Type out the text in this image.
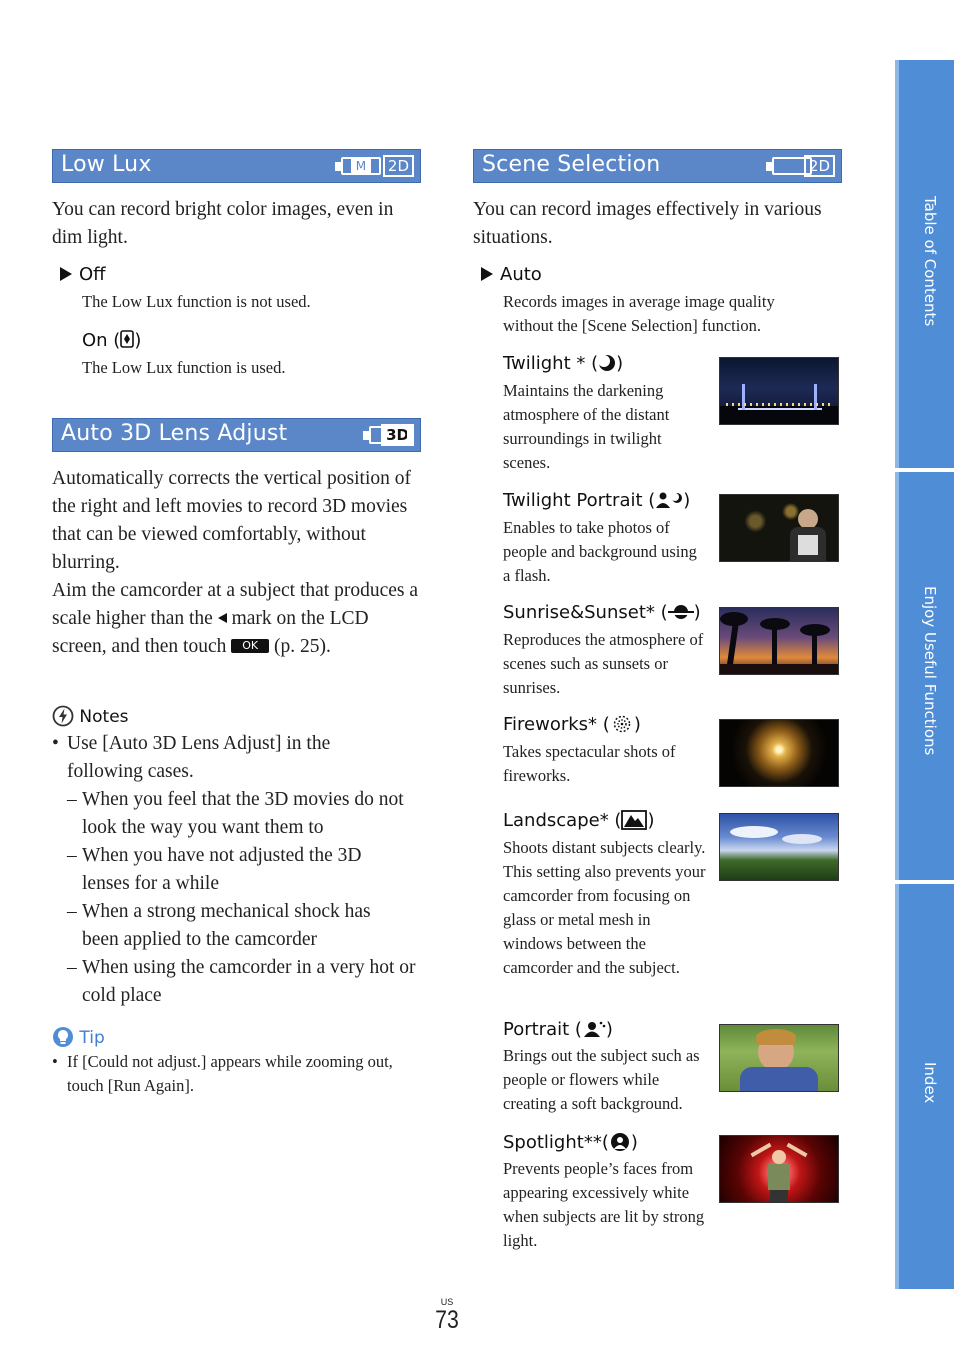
Table of Contents
Enjoy Useful Functions
Index
Low Lux	M	2D
You can record bright color images, even in dim light.
Off
The Low Lux function is not used.
On ( )
The Low Lux function is used.
Auto 3D Lens Adjust	3D
Automatically corrects the vertical position of the right and left movies to record 3D movies that can be viewed comfortably, without blurring.
Aim the camcorder at a subject that produces a scale higher than the mark on the LCD screen, and then touch OK (p. 25).
Notes
• Use [Auto 3D Lens Adjust] in the following cases.
– When you feel that the 3D movies do not look the way you want them to
– When you have not adjusted the 3D lenses for a while
– When a strong mechanical shock has been applied to the camcorder
– When using the camcorder in a very hot or cold place
Tip
• If [Could not adjust.] appears while zooming out, touch [Run Again].
Scene Selection	2D
You can record images effectively in various situations.
Auto
Records images in average image quality without the [Scene Selection] function.
Twilight * ( )
Maintains the darkening atmosphere of the distant surroundings in twilight scenes.
Twilight Portrait ( )
Enables to take photos of people and background using a flash.
Sunrise&Sunset* ( )
Reproduces the atmosphere of scenes such as sunsets or sunrises.
Fireworks* ( )
Takes spectacular shots of fireworks.
Landscape* ( )
Shoots distant subjects clearly. This setting also prevents your camcorder from focusing on glass or metal mesh in windows between the camcorder and the subject.
Portrait ( )
Brings out the subject such as people or flowers while creating a soft background.
Spotlight**( )
Prevents people’s faces from appearing excessively white when subjects are lit by strong light.
US
73
